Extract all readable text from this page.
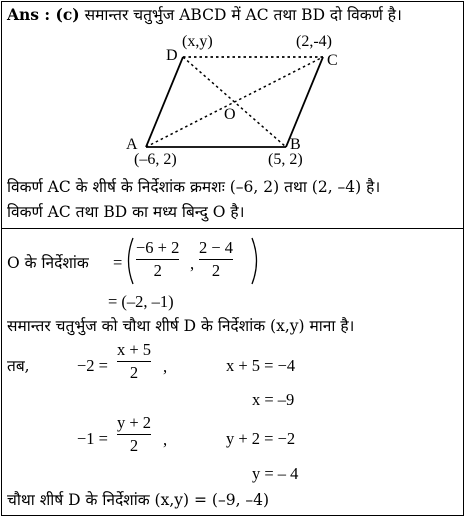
Ans : (c) समान्तर चतुर्भुज ABCD में AC तथा BD दो विकर्ण है।
D
(x,y)	(2,-4)
C
O
A
(–6, 2)
B
(5, 2)
विकर्ण AC के शीर्ष के निर्देशांक क्रमशः (–6, 2) तथा (2, –4) है।
विकर्ण AC तथा BD का मध्य बिन्दु O है।
O के निर्देशांक =
−6 + 2
2 ,
2 − 4
2
= (–2, –1)
समान्तर चतुर्भुज को चौथा शीर्ष D के निर्देशांक (x,y) माना है।
तब,	−2 =
x + 5
2 ,	x + 5 = −4
x = –9
−1 =
y + 2
2 ,	y + 2 = −2
y = – 4
चौथा शीर्ष D के निर्देशांक (x,y) = (–9, –4)
